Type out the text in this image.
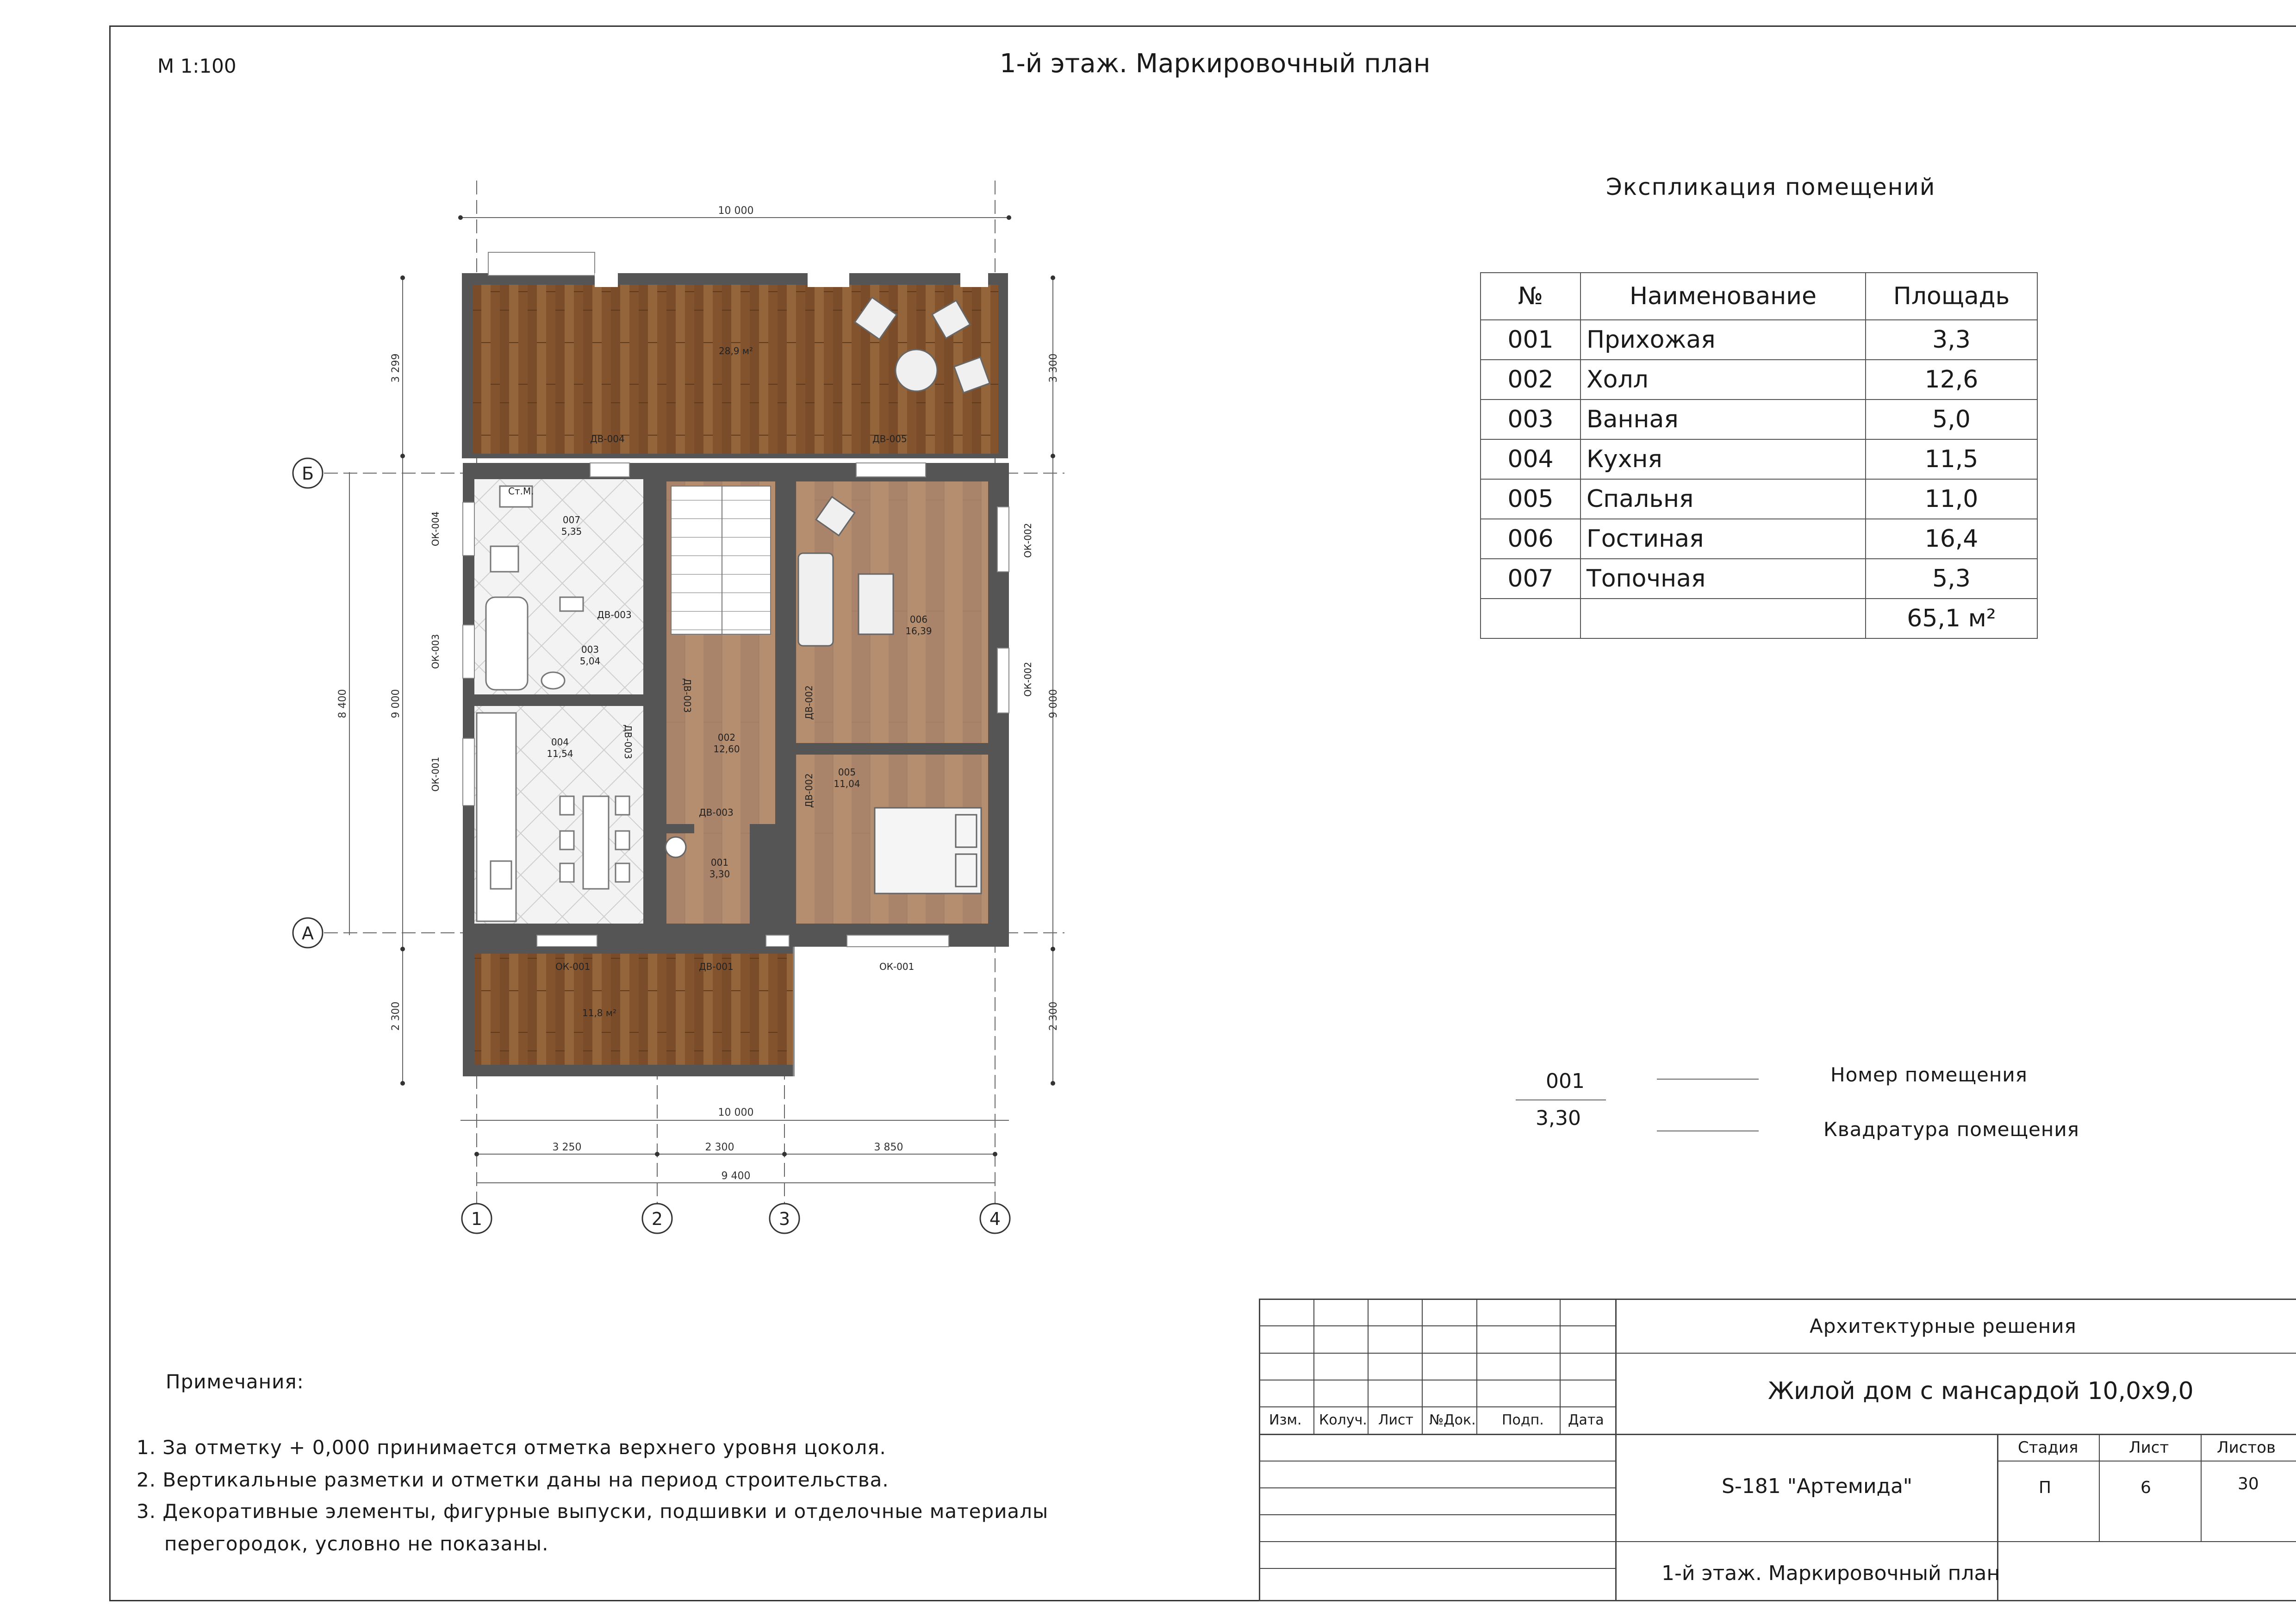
М 1:100	1-й этаж. Маркировочный план
10 000
10 000
3 250	2 300	3 850
9 400
3 299
8 400	9 000
2 300
3 300
9 000
2 300
Б
А
1	2	3	4
28,9 м²
11,8 м²
007
5,35
003
5,04
004
11,54
002
12,60
001
3,30
006
16,39
005
11,04
ДВ-004	ДВ-005
ДВ-003
ДВ-003
ДВ-001
ОК-001	ОК-001
Ст.М.
ОК-004
ОК-003
ОК-001
ОК-002
ОК-002
ДВ-003
ДВ-003
ДВ-002
ДВ-002
Экспликация помещений
№	Наименование	Площадь
001	Прихожая	3,3
002	Холл	12,6
003	Ванная	5,0
004	Кухня	11,5
005	Спальня	11,0
006	Гостиная	16,4
007	Топочная	5,3
		65,1 м²
001
3,30
Номер помещения
Квадратура помещения
Примечания:
1. За отметку + 0,000 принимается отметка верхнего уровня цоколя.
2. Вертикальные разметки и отметки даны на период строительства.
3. Декоративные элементы, фигурные выпуски, подшивки и отделочные материалы
перегородок, условно не показаны.
Изм. Колуч. Лист №Док. Подп. Дата
Архитектурные решения
Жилой дом с мансардой 10,0х9,0
S-181 "Артемида"
1-й этаж. Маркировочный план
Стадия	Лист	Листов
П	6	30
